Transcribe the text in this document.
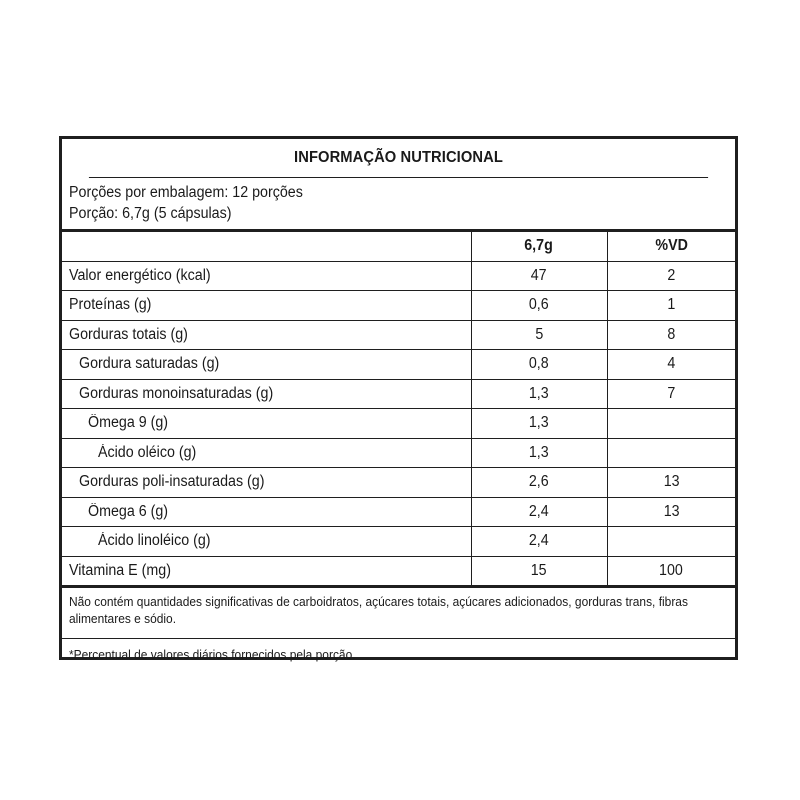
INFORMAÇÃO NUTRICIONAL
Porções por embalagem: 12 porções
Porção: 6,7g (5 cápsulas)
	6,7g	%VD
Valor energético (kcal)	47	2
Proteínas (g)	0,6	1
Gorduras totais (g)	5	8
Gordura saturadas (g)	0,8	4
Gorduras monoinsaturadas (g)	1,3	7
Ômega 9 (g)	1,3	
Ácido oléico (g)	1,3	
Gorduras poli-insaturadas (g)	2,6	13
Ômega 6 (g)	2,4	13
Ácido linoléico (g)	2,4	
Vitamina E (mg)	15	100
Não contém quantidades significativas de carboidratos, açúcares totais, açúcares adicionados, gorduras trans, fibras alimentares e sódio.
*Percentual de valores diários fornecidos pela porção.
